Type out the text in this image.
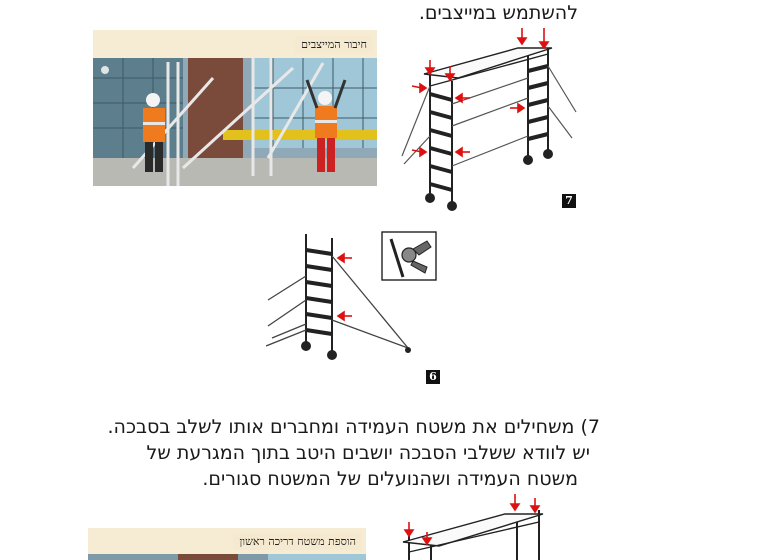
להשתמש במייצבים.
חיבור המייצבים
7
6
7) משחילים את משטח העמידה ומחברים אותו לשלב בסבכה.
יש לוודא ששלבי הסבכה יושבים היטב בתוך המגרעת של
משטח העמידה ושהנועלים של המשטח סגורים.
הוספת משטח דריכה ראשון
